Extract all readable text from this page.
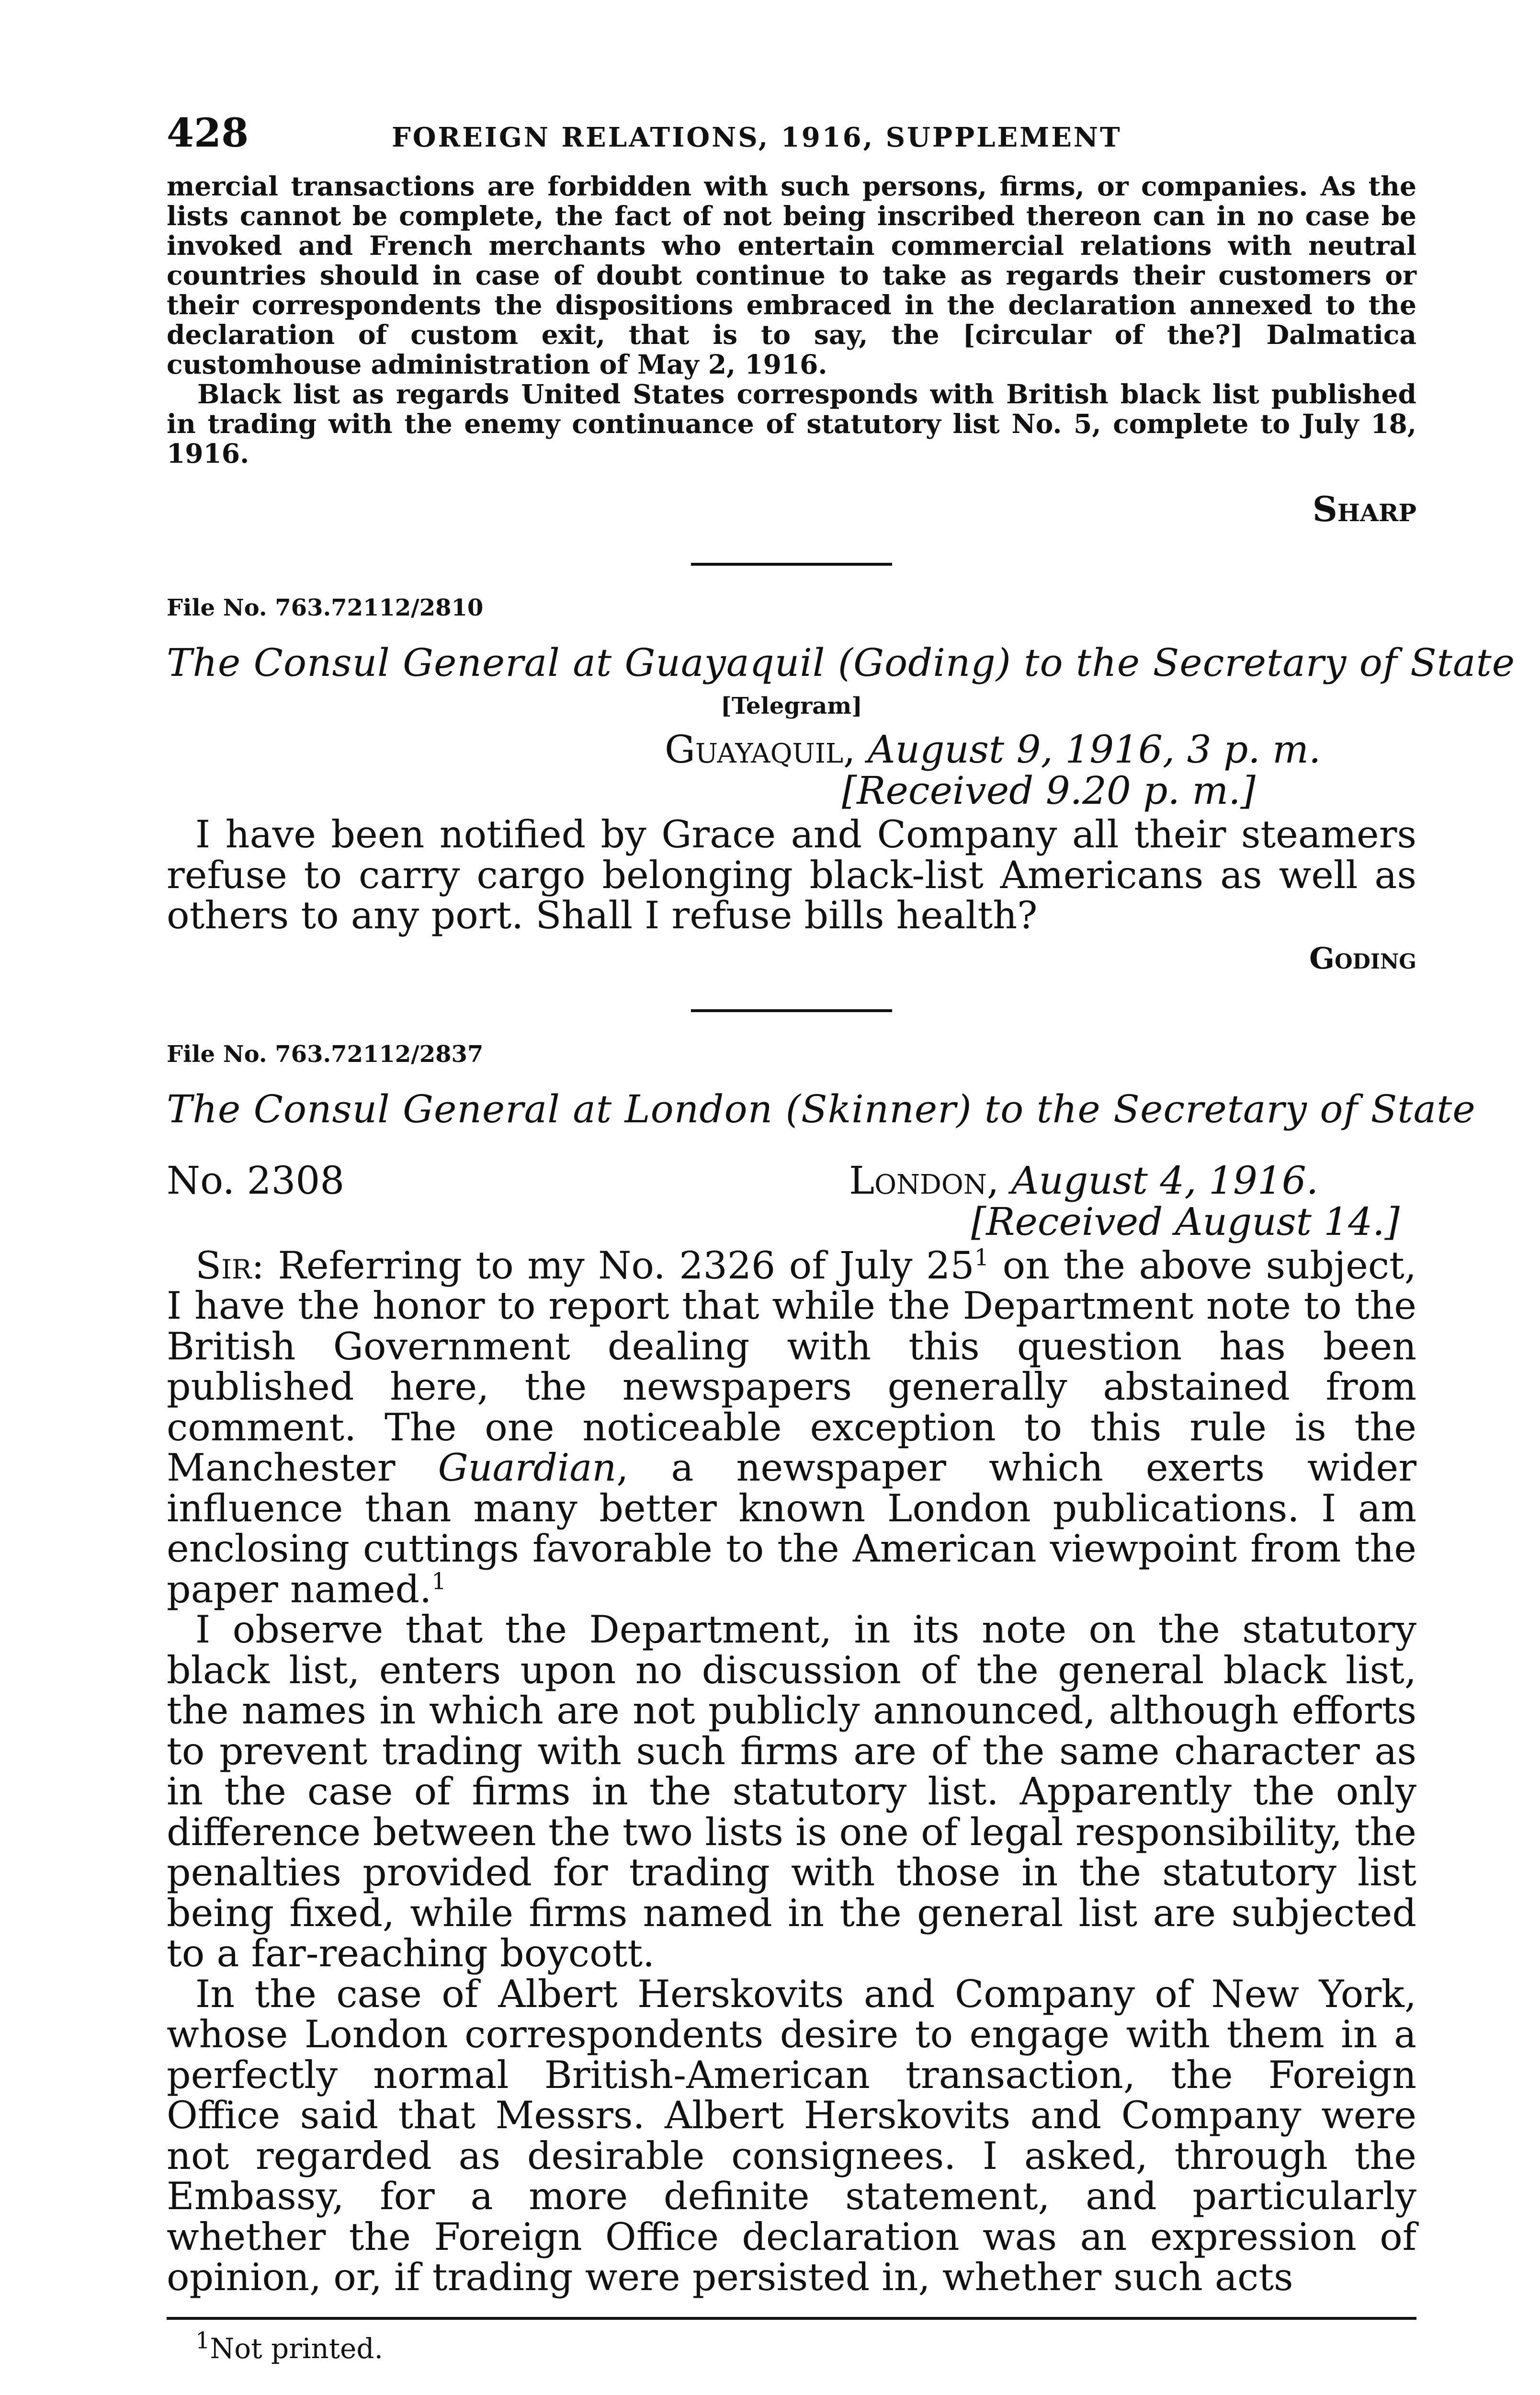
428	FOREIGN RELATIONS, 1916, SUPPLEMENT

mercial transactions are forbidden with such persons, firms, or companies. As the lists cannot be complete, the fact of not being inscribed thereon can in no case be invoked and French merchants who entertain commercial relations with neutral countries should in case of doubt continue to take as regards their customers or their correspondents the dispositions embraced in the declaration annexed to the declaration of custom exit, that is to say, the [circular of the?] Dalmatica customhouse administration of May 2, 1916.

Black list as regards United States corresponds with British black list published in trading with the enemy continuance of statutory list No. 5, complete to July 18, 1916.

Sharp
File No. 763.72112/2810
The Consul General at Guayaquil (Goding) to the Secretary of State
[Telegram]
Guayaquil, August 9, 1916, 3 p. m.
[Received 9.20 p. m.]

I have been notified by Grace and Company all their steamers refuse to carry cargo belonging black-list Americans as well as others to any port. Shall I refuse bills health?

Goding
File No. 763.72112/2837
The Consul General at London (Skinner) to the Secretary of State
No. 2308	London, August 4, 1916.
[Received August 14.]

Sir: Referring to my No. 2326 of July $25^1$ on the above subject, I have the honor to report that while the Department note to the British Government dealing with this question has been published here, the newspapers generally abstained from comment. The one noticeable exception to this rule is the Manchester Guardian, a newspaper which exerts wider influence than many better known London publications. I am enclosing cuttings favorable to the American viewpoint from the paper named.$^1$

I observe that the Department, in its note on the statutory black list, enters upon no discussion of the general black list, the names in which are not publicly announced, although efforts to prevent trading with such firms are of the same character as in the case of firms in the statutory list. Apparently the only difference between the two lists is one of legal responsibility, the penalties provided for trading with those in the statutory list being fixed, while firms named in the general list are subjected to a far-reaching boycott.

In the case of Albert Herskovits and Company of New York, whose London correspondents desire to engage with them in a perfectly normal British-American transaction, the Foreign Office said that Messrs. Albert Herskovits and Company were not regarded as desirable consignees. I asked, through the Embassy, for a more definite statement, and particularly whether the Foreign Office declaration was an expression of opinion, or, if trading were persisted in, whether such acts

$^1$Not printed.
